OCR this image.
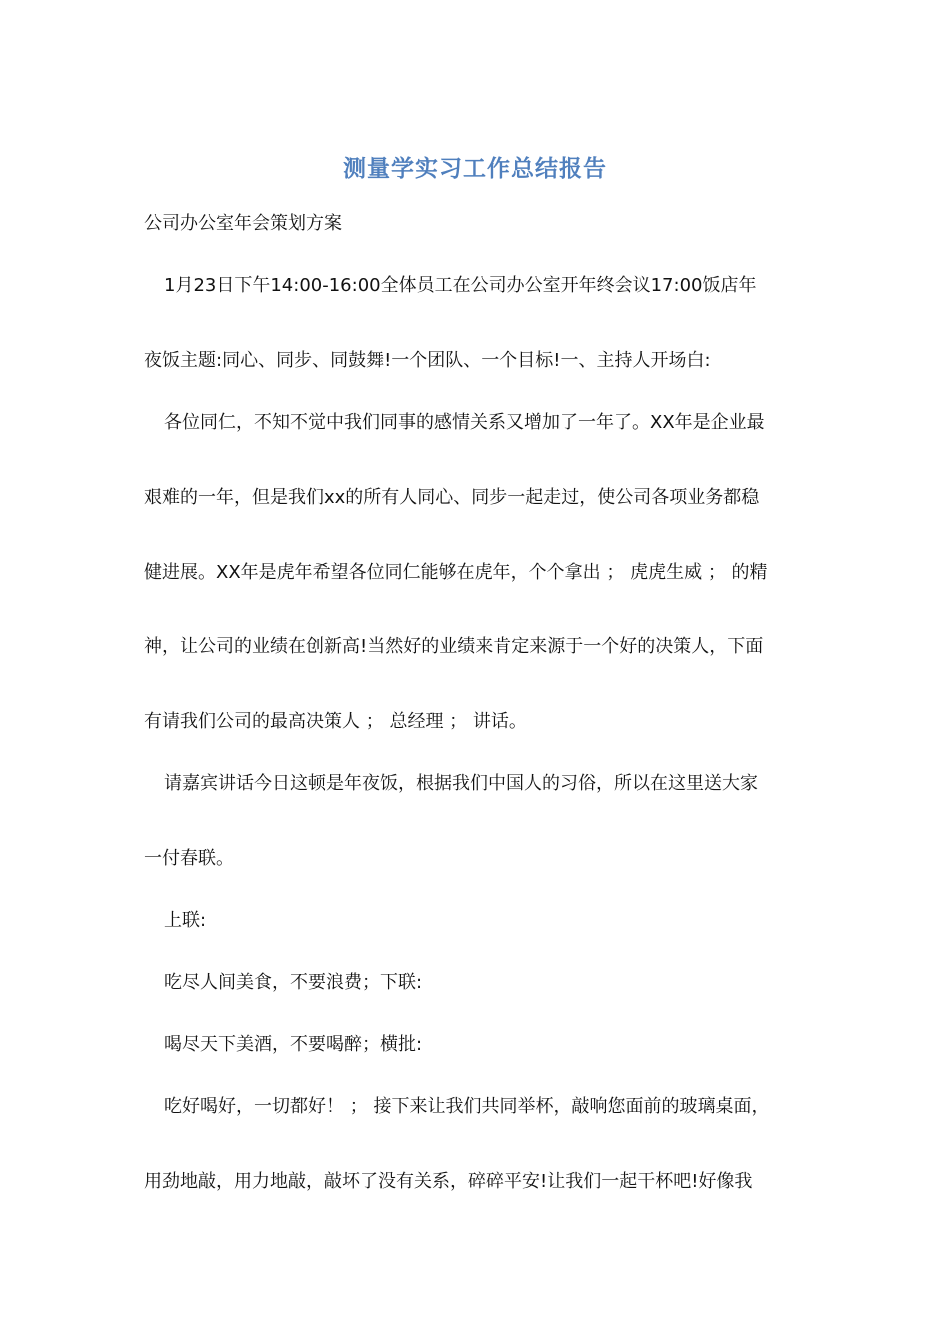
测量学实习工作总结报告
公司办公室年会策划方案
1月23日下午14:00-16:00全体员工在公司办公室开年终会议17:00饭店年
夜饭主题:同心、同步、同鼓舞!一个团队、一个目标!一、主持人开场白:
各位同仁，不知不觉中我们同事的感情关系又增加了一年了。XX年是企业最
艰难的一年，但是我们xx的所有人同心、同步一起走过，使公司各项业务都稳
健进展。XX年是虎年希望各位同仁能够在虎年，个个拿出 ； 虎虎生威 ； 的精
神，让公司的业绩在创新高!当然好的业绩来肯定来源于一个好的决策人，下面
有请我们公司的最高决策人 ； 总经理 ； 讲话。
请嘉宾讲话今日这顿是年夜饭，根据我们中国人的习俗，所以在这里送大家
一付春联。
上联:
吃尽人间美食，不要浪费；下联:
喝尽天下美酒，不要喝醉；横批:
吃好喝好，一切都好！ ； 接下来让我们共同举杯，敲响您面前的玻璃桌面，
用劲地敲，用力地敲，敲坏了没有关系，碎碎平安!让我们一起干杯吧!好像我
